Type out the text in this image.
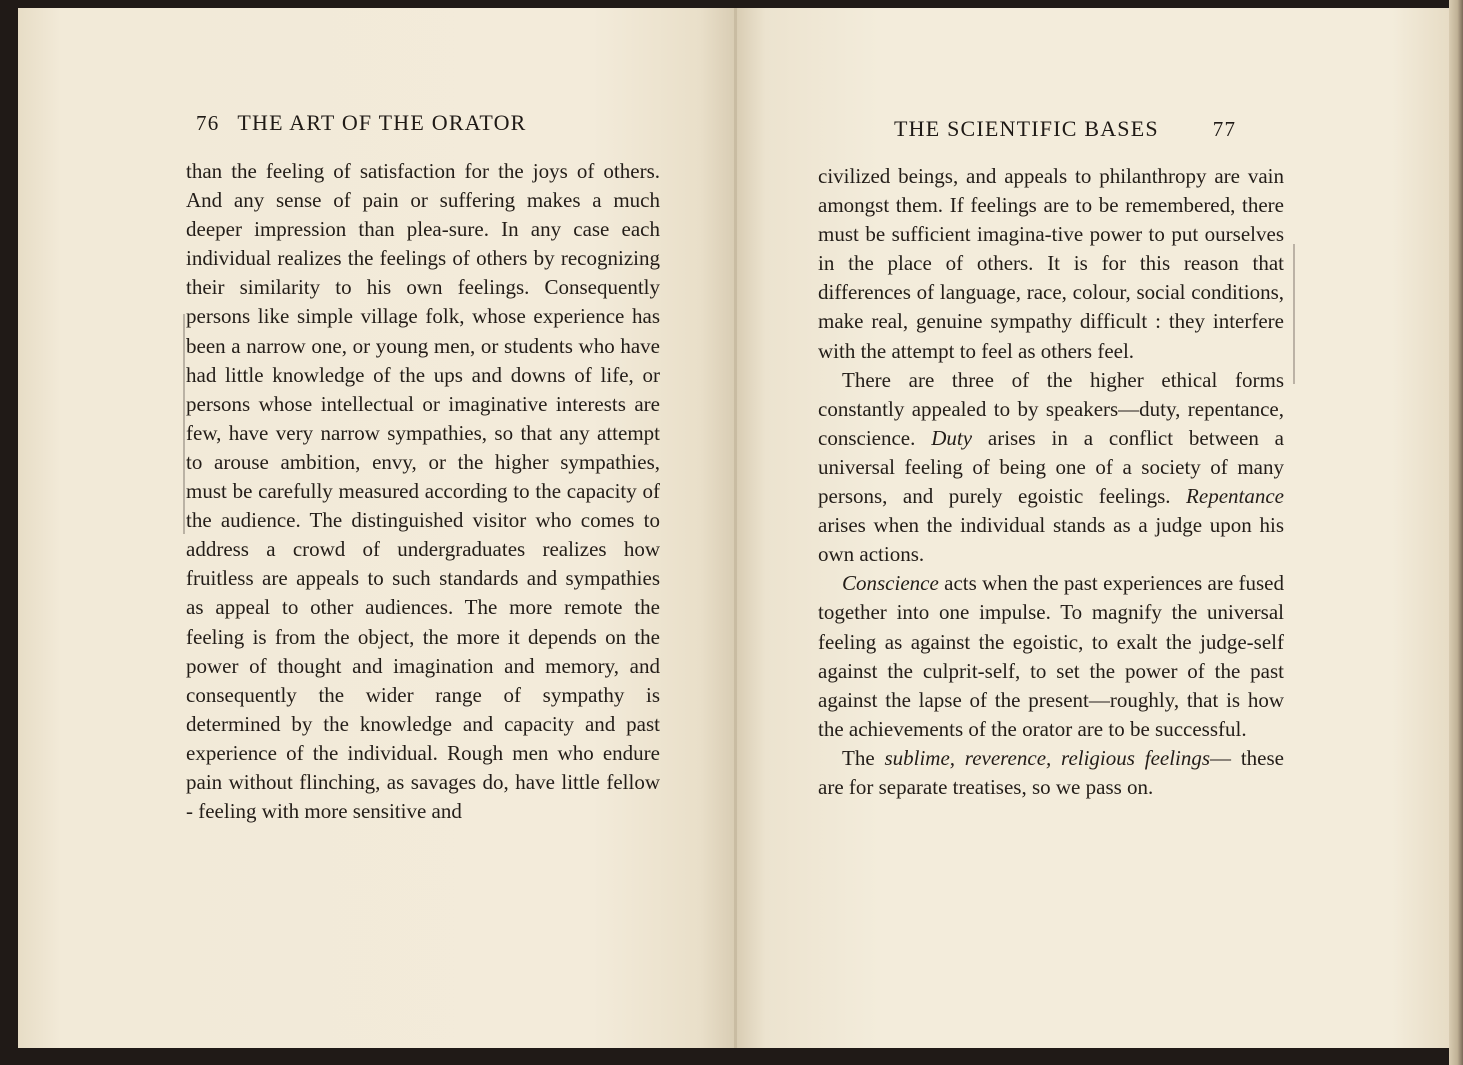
76 THE ART OF THE ORATOR

than the feeling of satisfaction for the joys of others. And any sense of pain or suffering makes a much deeper impression than plea-sure. In any case each individual realizes the feelings of others by recognizing their similarity to his own feelings. Consequently persons like simple village folk, whose experience has been a narrow one, or young men, or students who have had little knowledge of the ups and downs of life, or persons whose intellectual or imaginative interests are few, have very narrow sympathies, so that any attempt to arouse ambition, envy, or the higher sympathies, must be carefully measured according to the capacity of the audience. The distinguished visitor who comes to address a crowd of undergraduates realizes how fruitless are appeals to such standards and sympathies as appeal to other audiences. The more remote the feeling is from the object, the more it depends on the power of thought and imagination and memory, and consequently the wider range of sympathy is determined by the knowledge and capacity and past experience of the individual. Rough men who endure pain without flinching, as savages do, have little fellow - feeling with more sensitive and

THE SCIENTIFIC BASES	77

civilized beings, and appeals to philanthropy are vain amongst them. If feelings are to be remembered, there must be sufficient imagina-tive power to put ourselves in the place of others. It is for this reason that differences of language, race, colour, social conditions, make real, genuine sympathy difficult : they interfere with the attempt to feel as others feel.

There are three of the higher ethical forms constantly appealed to by speakers—duty, repentance, conscience. Duty arises in a conflict between a universal feeling of being one of a society of many persons, and purely egoistic feelings. Repentance arises when the individual stands as a judge upon his own actions.

Conscience acts when the past experiences are fused together into one impulse. To magnify the universal feeling as against the egoistic, to exalt the judge-self against the culprit-self, to set the power of the past against the lapse of the present—roughly, that is how the achievements of the orator are to be successful.

The sublime, reverence, religious feelings— these are for separate treatises, so we pass on.
